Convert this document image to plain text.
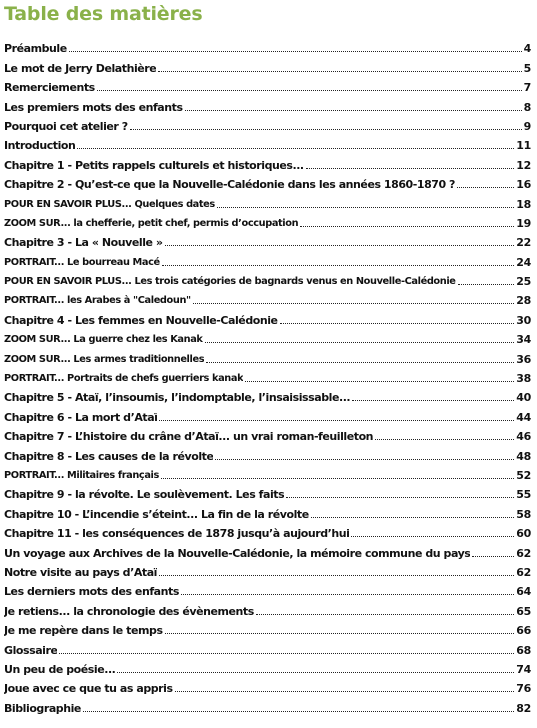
Table des matières
Préambule	4
Le mot de Jerry Delathière	5
Remerciements	7
Les premiers mots des enfants	8
Pourquoi cet atelier ?	9
Introduction	11
Chapitre 1 - Petits rappels culturels et historiques...	12
Chapitre 2 - Qu’est-ce que la Nouvelle-Calédonie dans les années 1860-1870 ?	16
POUR EN SAVOIR PLUS... Quelques dates	18
ZOOM SUR... la chefferie, petit chef, permis d’occupation	19
Chapitre 3 - La « Nouvelle »	22
PORTRAIT... Le bourreau Macé	24
POUR EN SAVOIR PLUS... Les trois catégories de bagnards venus en Nouvelle-Calédonie	25
PORTRAIT... les Arabes à "Caledoun"	28
Chapitre 4 - Les femmes en Nouvelle-Calédonie	30
ZOOM SUR... La guerre chez les Kanak	34
ZOOM SUR... Les armes traditionnelles	36
PORTRAIT... Portraits de chefs guerriers kanak	38
Chapitre 5 - Ataï, l’insoumis, l’indomptable, l’insaisissable...	40
Chapitre 6 - La mort d’Ataï	44
Chapitre 7 - L’histoire du crâne d’Ataï... un vrai roman-feuilleton	46
Chapitre 8 - Les causes de la révolte	48
PORTRAIT... Militaires français	52
Chapitre 9 - la révolte. Le soulèvement. Les faits	55
Chapitre 10 - L’incendie s’éteint... La fin de la révolte	58
Chapitre 11 - les conséquences de 1878 jusqu’à aujourd’hui	60
Un voyage aux Archives de la Nouvelle-Calédonie, la mémoire commune du pays	62
Notre visite au pays d’Ataï	62
Les derniers mots des enfants	64
Je retiens... la chronologie des évènements	65
Je me repère dans le temps	66
Glossaire	68
Un peu de poésie...	74
Joue avec ce que tu as appris	76
Bibliographie	82
